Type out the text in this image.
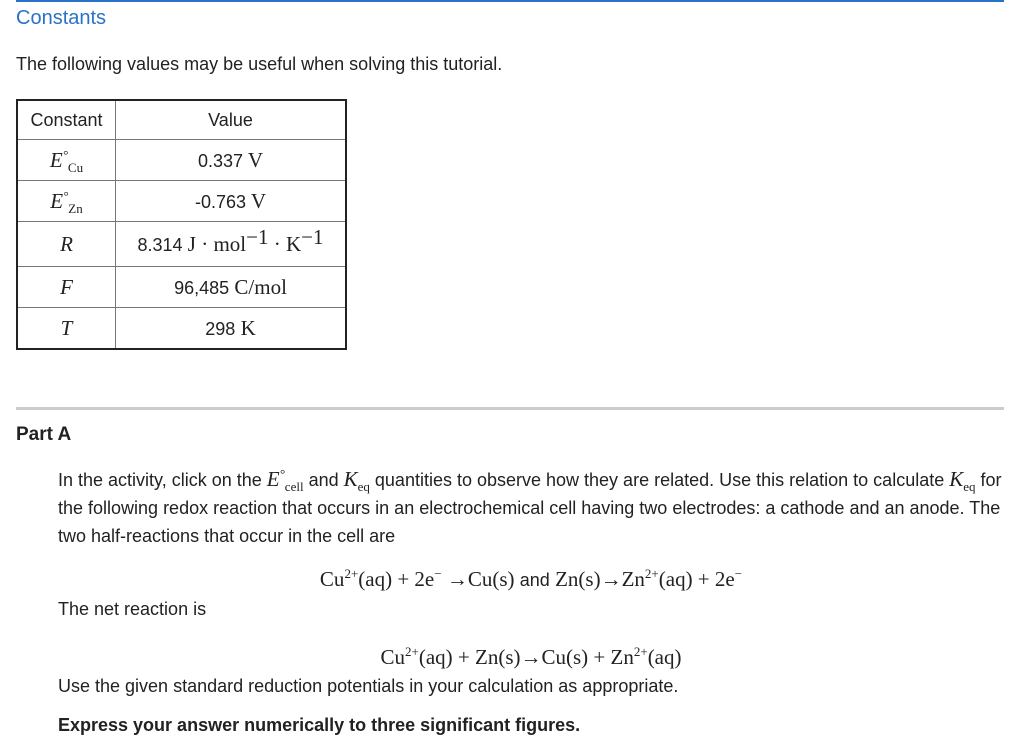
Constants
The following values may be useful when solving this tutorial.
Constant	Value
$E^\circ_{Cu}$	0.337 V
$E^\circ_{Zn}$	-0.763 V
R	8.314 $J \cdot mol^{-1} \cdot K^{-1}$
F	96,485 C/mol
T	298 K
Part A
In the activity, click on the $E^\circ_{cell}$ and $K_{eq}$ quantities to observe how they are related. Use this relation to calculate $K_{eq}$ for the following redox reaction that occurs in an electrochemical cell having two electrodes: a cathode and an anode. The two half-reactions that occur in the cell are
$Cu^{2+}(aq) + 2e^- \to Cu(s)$ and $Zn(s)\to Zn^{2+}(aq) + 2e^-$
The net reaction is
$Cu^{2+}(aq) + Zn(s)\to Cu(s) + Zn^{2+}(aq)$
Use the given standard reduction potentials in your calculation as appropriate.
Express your answer numerically to three significant figures.
